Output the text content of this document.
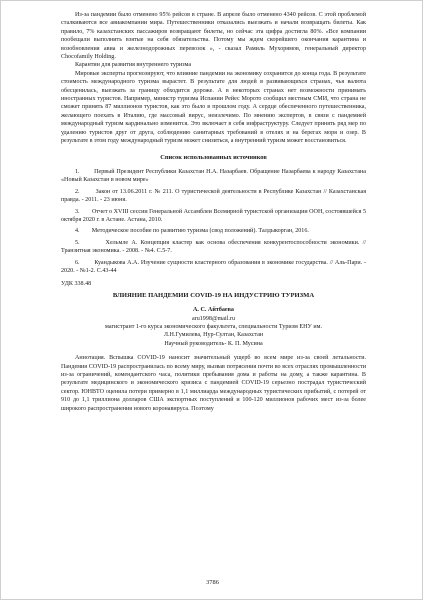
Из-за пандемии было отменено 95% рейсов в стране. В апреле было отменено 4340 рейсов. С этой проблемой сталкиваются все авиакомпании мира. Путешественники отказались выезжать и начали возвращать билеты. Как правило, 7% казахстанских пассажиров возвращают билеты, но сейчас эта цифра достигла 80%. «Все компании пообещали выполнить взятые на себя обязательства. Потому мы ждем скорейшего окончания карантина и возобновления авиа и железнодорожных перевозок », - сказал Рамиль Мухорямов, генеральный директор Chocofamily Holding.

Карантин для развития внутреннего туризма

Мировые эксперты прогнозируют, что влияние пандемии на экономику сохранится до конца года. В результате стоимость международного туризма вырастет. В результате для людей в развивающихся странах, чья валюта обесценилась, выезжать за границу обходится дороже. А в некоторых странах нет возможности принимать иностранных туристов. Например, министр туризма Испании Рейес Морото сообщил местным СМИ, что страна не сможет принять 87 миллионов туристов, как это было в прошлом году. А сердце обеспеченного путешественника, желающего поехать в Италию, где массовый вирус, неизлечимо. По мнению экспертов, в связи с пандемией международный туризм кардинально изменится. Это включает в себя инфраструктуру. Следует принять ряд мер по удалению туристов друг от друга, соблюдению санитарных требований в отелях и на берегах моря и озер. В результате в этом году международный туризм может снизиться, а внутренний туризм может восстановиться.

Список использованных источников

1.        Первый Президент Республики Казахстан Н.А. Назарбаев. Обращение Назарбаева к народу Казахстана «Новый Казахстан в новом мире»

2.        Закон от 13.06.2011 г. № 211. О туристической деятельности в Республике Казахстан // Казахстанская правда. - 2011. - 23 июня.

3.        Отчет о XVIII сессии Генеральной Ассамблеи Всемирной туристской организации ООН, состоявшейся 5 октября 2020 г. в Астане. Астана, 2010.

4.        Методическое пособие по развитию туризма (свод положений). Талдыкорган, 2016.

5.        Хельмле А. Концепция кластер как основа обеспечения конкурентоспособности экономики. // Транзитная экономика. - 2008. - №4. С.5-7.

6.        Куандыкова А.А. Изучение сущности кластерного образования в экономике государства. // Аль-Пари. - 2020. - №1-2. С.43-44

УДК 338.48

ВЛИЯНИЕ ПАНДЕМИИ COVID-19 НА ИНДУСТРИЮ ТУРИЗМА

А. С. Айтбаева

aru1998@mail.ru

магистрант 1-го курса экономического факультета, специальности Туризм ЕНУ им.

Л.Н.Гумилева, Нур-Султан, Казахстан

Научный руководитель- К. П. Мусина

Аннотация. Вспышка COVID-19 наносит значительный ущерб во всем мире из-за своей летальности. Пандемия COVID-19 распространилась по всему миру, вызвав потрясения почти во всех отраслях промышленности из-за ограничений, комендантского часа, политики пребывания дома и работы на дому, а также карантина. В результате медицинского и экономического кризиса с пандемией COVID-19 серьезно пострадал туристический сектор. ЮНВТО оценила потери примерно в 1,1 миллиарда международных туристических прибытий, с потерей от 910 до 1,1 триллиона долларов США экспортных поступлений и 100-120 миллионов рабочих мест из-за более широкого распространения нового коронавируса. Поэтому

3786
